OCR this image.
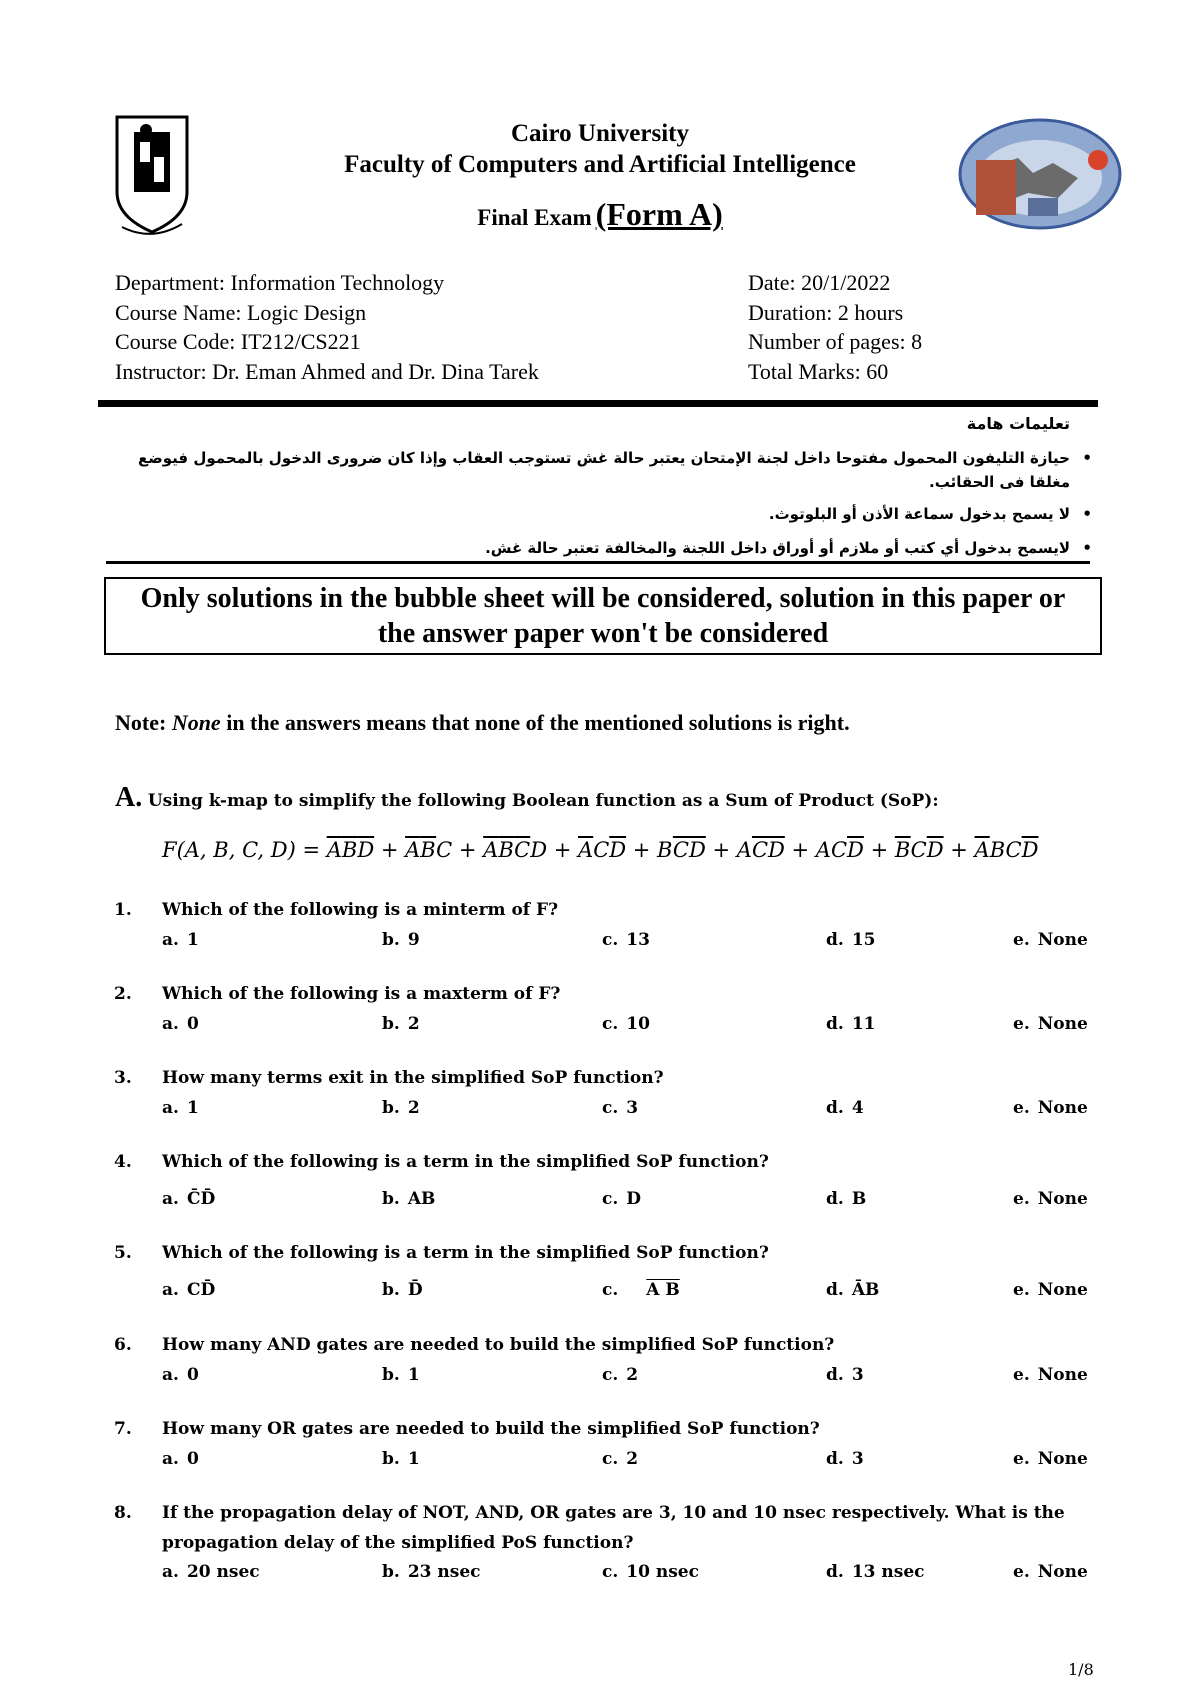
Cairo University
Faculty of Computers and Artificial Intelligence
Final Exam (Form A)
Department: Information Technology
Course Name: Logic Design
Course Code: IT212/CS221
Instructor: Dr. Eman Ahmed and Dr. Dina Tarek
Date: 20/1/2022
Duration: 2 hours
Number of pages: 8
Total Marks: 60
تعليمات هامة
• حيازة التليفون المحمول مفتوحا داخل لجنة الإمتحان يعتبر حالة غش تستوجب العقاب وإذا كان ضرورى الدخول بالمحمول فيوضع مغلقا فى الحقائب.
• لا يسمح بدخول سماعة الأذن أو البلوتوث.
• لايسمح بدخول أي كتب أو ملازم أو أوراق داخل اللجنة والمخالفة تعتبر حالة غش.
Only solutions in the bubble sheet will be considered, solution in this paper or the answer paper won't be considered
Note: None in the answers means that none of the mentioned solutions is right.
A. Using k-map to simplify the following Boolean function as a Sum of Product (SoP):
F(A, B, C, $D) = \overline{A}\overline{B}\overline{D} + \overline{A}\overline{B}C + \overline{A}\overline{B}\overline{C}D + \overline{A}C\overline{D} + B\overline{C}\overline{D} + A\overline{C}\overline{D} + AC\overline{D} + \overline{B}C\overline{D} + \overline{A}BC\overline{D}$
1. Which of the following is a minterm of F?
a. 1	b. 9	c. 13	d. 15	e. None
2. Which of the following is a maxterm of F?
a. 0	b. 2	c. 10	d. 11	e. None
3. How many terms exit in the simplified SoP function?
a. 1	b. 2	c. 3	d. 4	e. None
4. Which of the following is a term in the simplified SoP function?
a. C̄D̄	b. AB	c. D	d. B	e. None
5. Which of the following is a term in the simplified SoP function?
a. CD̄	b. D̄	c. A B	d. ĀB	e. None
6. How many AND gates are needed to build the simplified SoP function?
a. 0	b. 1	c. 2	d. 3	e. None
7. How many OR gates are needed to build the simplified SoP function?
a. 0	b. 1	c. 2	d. 3	e. None
8. If the propagation delay of NOT, AND, OR gates are 3, 10 and 10 nsec respectively. What is the propagation delay of the simplified PoS function?
a. 20 nsec	b. 23 nsec	c. 10 nsec	d. 13 nsec	e. None
1/8
